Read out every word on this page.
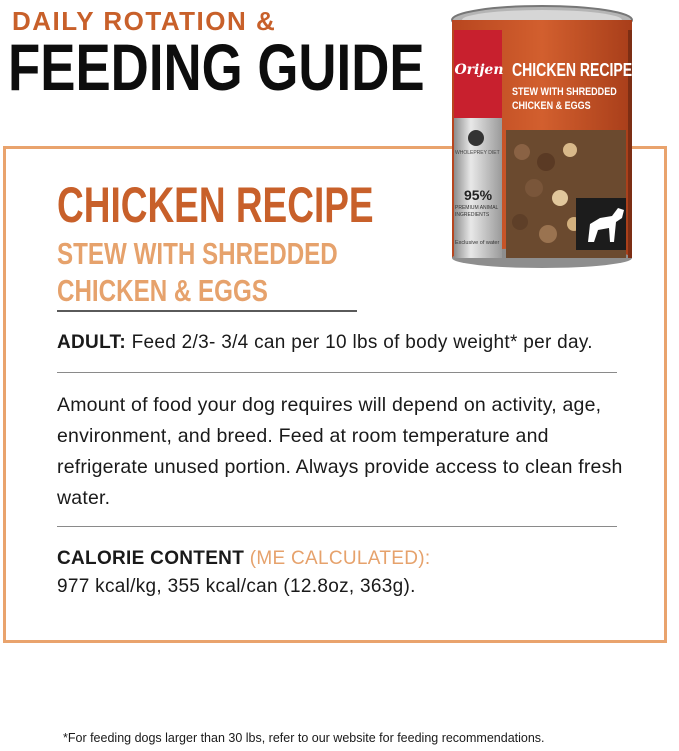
DAILY ROTATION &
FEEDING GUIDE Orijen CHICKEN RECIPE
STEW WITH SHREDDED
CHICKEN & EGGS
WHOLEPREY DIET
95%
PREMIUM ANIMAL
INGREDIENTS
Exclusive of water
CHICKEN RECIPE
STEW WITH SHREDDED
CHICKEN & EGGS
ADULT: Feed 2/3- 3/4 can per 10 lbs of body weight* per day.
Amount of food your dog requires will depend on activity, age, environment, and breed. Feed at room temperature and refrigerate unused portion. Always provide access to clean fresh water.
CALORIE CONTENT (ME CALCULATED):
977 kcal/kg, 355 kcal/can (12.8oz, 363g).
*For feeding dogs larger than 30 lbs, refer to our website for feeding recommendations.
